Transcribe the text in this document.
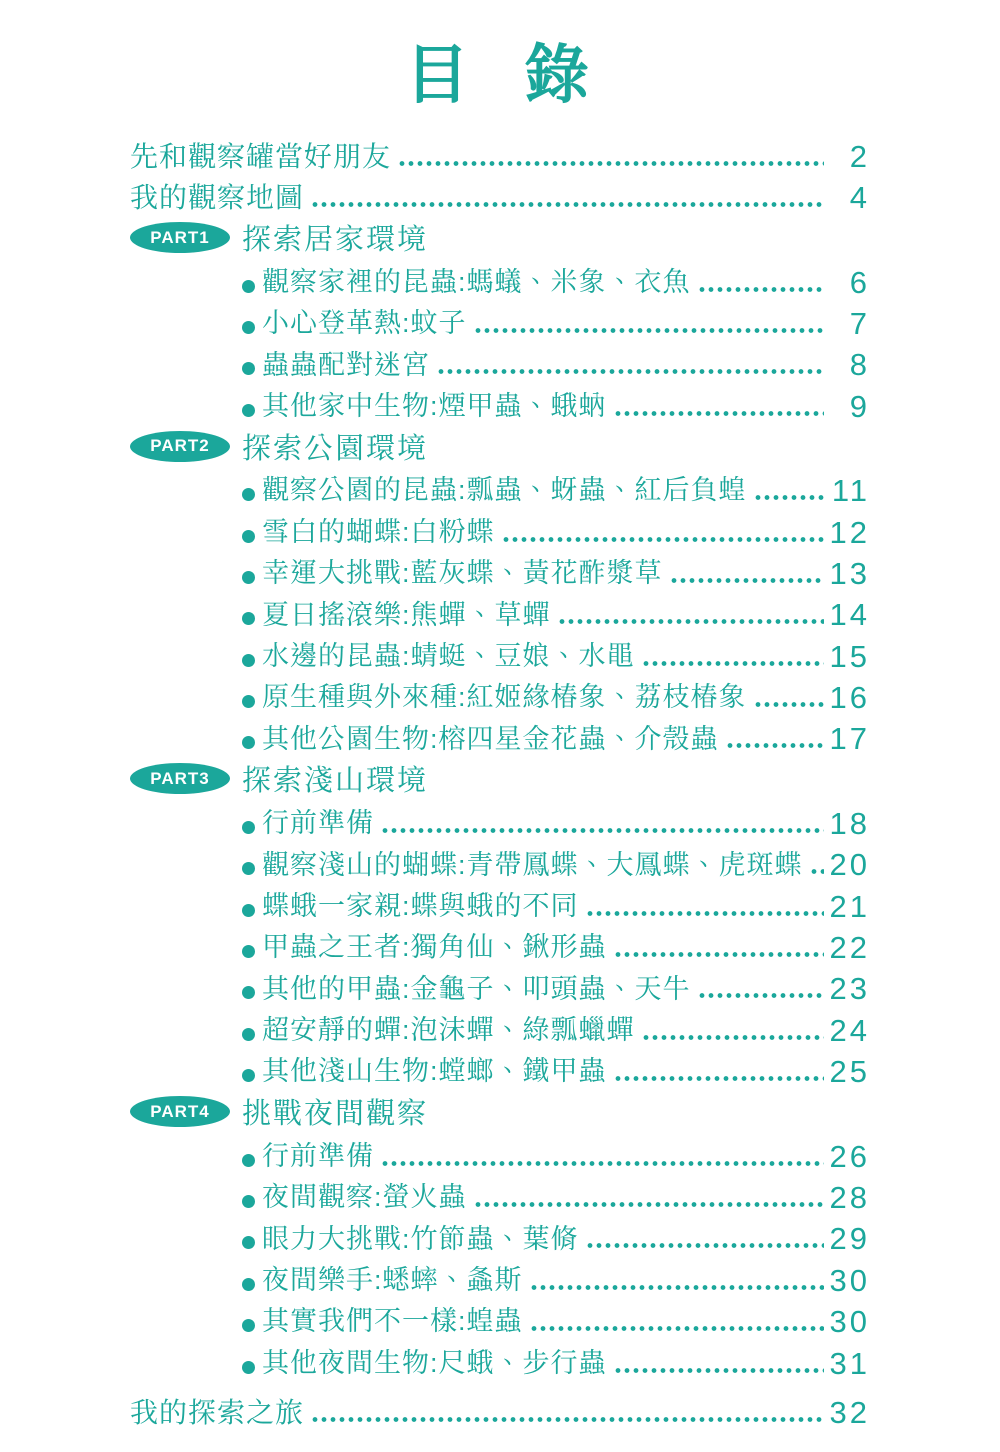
目 錄
先和觀察罐當好朋友	2
我的觀察地圖	4
PART1	探索居家環境
觀察家裡的昆蟲:螞蟻、米象、衣魚	6
小心登革熱:蚊子	7
蟲蟲配對迷宮	8
其他家中生物:煙甲蟲、蛾蚋	9
PART2	探索公園環境
觀察公園的昆蟲:瓢蟲、蚜蟲、紅后負蝗	11
雪白的蝴蝶:白粉蝶	12
幸運大挑戰:藍灰蝶、黃花酢漿草	13
夏日搖滾樂:熊蟬、草蟬	14
水邊的昆蟲:蜻蜓、豆娘、水黽	15
原生種與外來種:紅姬緣椿象、荔枝椿象	16
其他公園生物:榕四星金花蟲、介殼蟲	17
PART3	探索淺山環境
行前準備	18
觀察淺山的蝴蝶:青帶鳳蝶、大鳳蝶、虎斑蝶 20
蝶蛾一家親:蝶與蛾的不同	21
甲蟲之王者:獨角仙、鍬形蟲	22
其他的甲蟲:金龜子、叩頭蟲、天牛	23
超安靜的蟬:泡沫蟬、綠瓢蠟蟬	24
其他淺山生物:螳螂、鐵甲蟲	25
PART4	挑戰夜間觀察
行前準備	26
夜間觀察:螢火蟲	28
眼力大挑戰:竹節蟲、葉脩	29
夜間樂手:蟋蟀、螽斯	30
其實我們不一樣:蝗蟲	30
其他夜間生物:尺蛾、步行蟲	31
我的探索之旅	32
